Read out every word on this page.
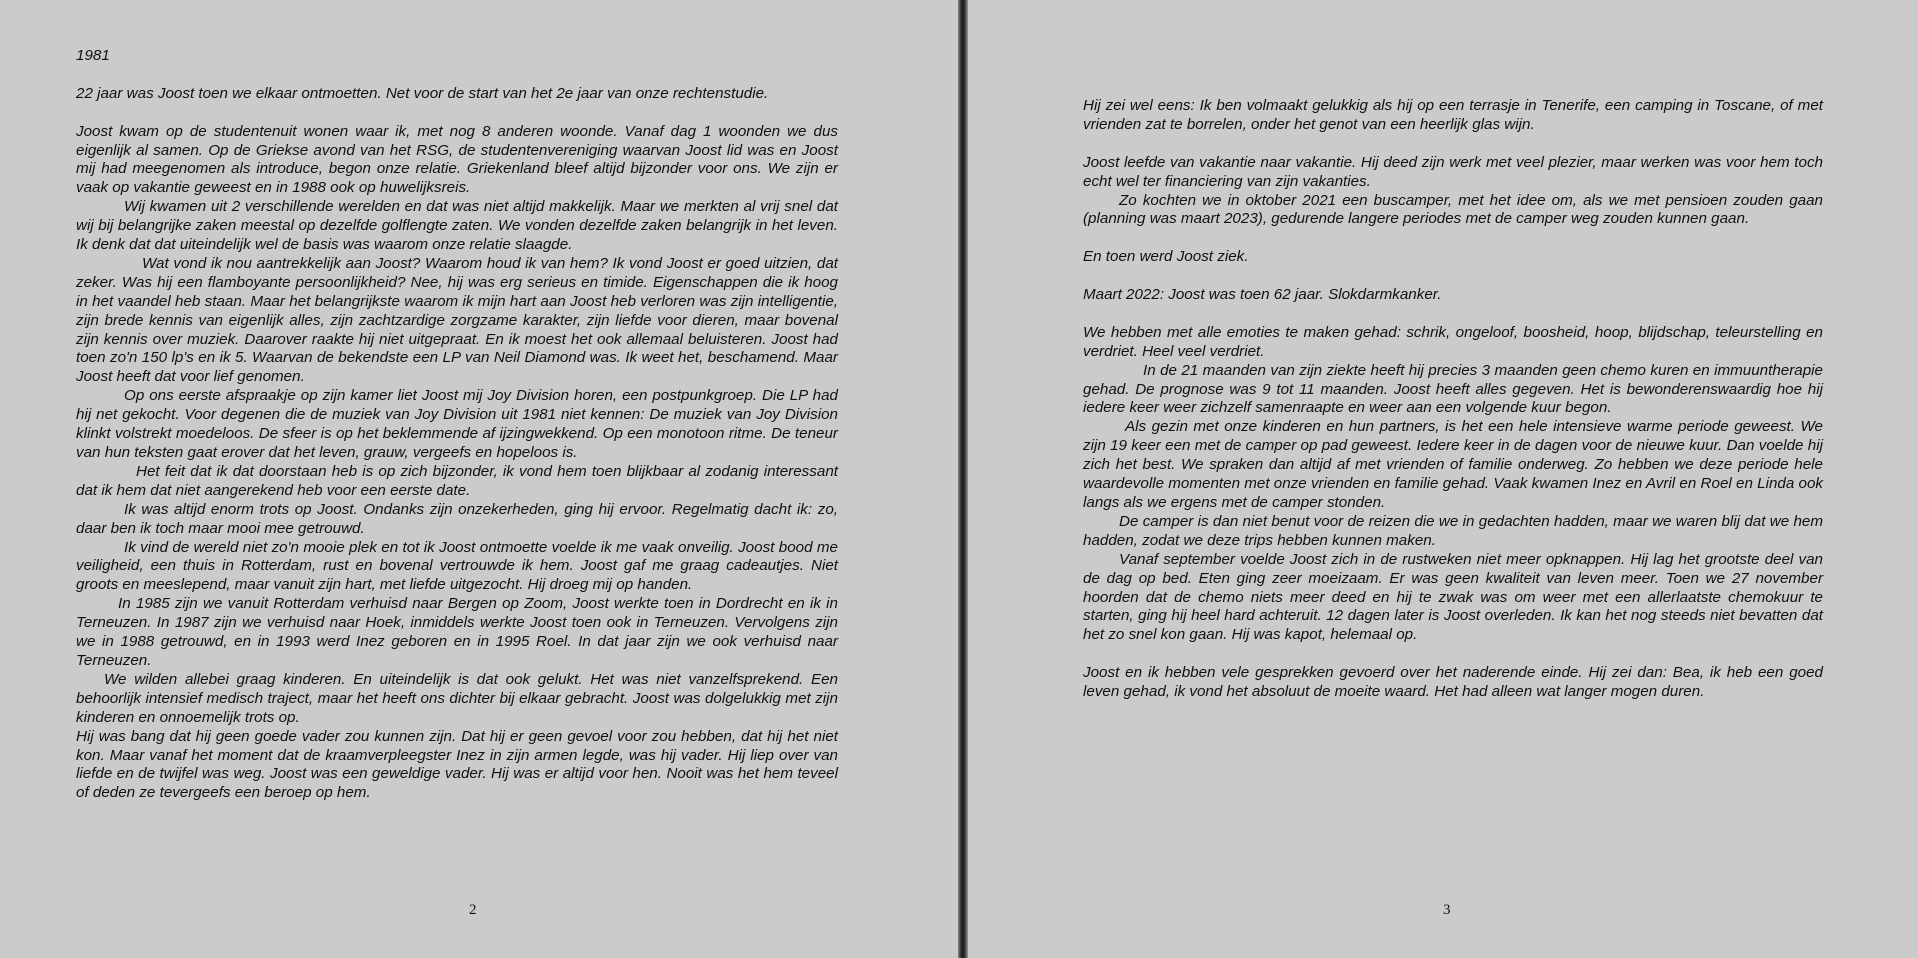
1981

22 jaar was Joost toen we elkaar ontmoetten. Net voor de start van het 2e jaar van onze rechtenstudie.

Joost kwam op de studentenuit wonen waar ik, met nog 8 anderen woonde. Vanaf dag 1 woonden we dus eigenlijk al samen. Op de Griekse avond van het RSG, de studentenvereniging waarvan Joost lid was en Joost mij had meegenomen als introduce, begon onze relatie. Griekenland bleef altijd bijzonder voor ons. We zijn er vaak op vakantie geweest en in 1988 ook op huwelijksreis.

Wij kwamen uit 2 verschillende werelden en dat was niet altijd makkelijk. Maar we merkten al vrij snel dat wij bij belangrijke zaken meestal op dezelfde golflengte zaten. We vonden dezelfde zaken belangrijk in het leven. Ik denk dat dat uiteindelijk wel de basis was waarom onze relatie slaagde.

Wat vond ik nou aantrekkelijk aan Joost? Waarom houd ik van hem? Ik vond Joost er goed uitzien, dat zeker. Was hij een flamboyante persoonlijkheid? Nee, hij was erg serieus en timide. Eigenschappen die ik hoog in het vaandel heb staan. Maar het belangrijkste waarom ik mijn hart aan Joost heb verloren was zijn intelligentie, zijn brede kennis van eigenlijk alles, zijn zachtzardige zorgzame karakter, zijn liefde voor dieren, maar bovenal zijn kennis over muziek. Daarover raakte hij niet uitgepraat. En ik moest het ook allemaal beluisteren. Joost had toen zo'n 150 lp's en ik 5. Waarvan de bekendste een LP van Neil Diamond was. Ik weet het, beschamend. Maar Joost heeft dat voor lief genomen.

Op ons eerste afspraakje op zijn kamer liet Joost mij Joy Division horen, een postpunkgroep. Die LP had hij net gekocht. Voor degenen die de muziek van Joy Division uit 1981 niet kennen: De muziek van Joy Division klinkt volstrekt moedeloos. De sfeer is op het beklemmende af ijzingwekkend. Op een monotoon ritme. De teneur van hun teksten gaat erover dat het leven, grauw, vergeefs en hopeloos is.

Het feit dat ik dat doorstaan heb is op zich bijzonder, ik vond hem toen blijkbaar al zodanig interessant dat ik hem dat niet aangerekend heb voor een eerste date.

Ik was altijd enorm trots op Joost. Ondanks zijn onzekerheden, ging hij ervoor. Regelmatig dacht ik: zo, daar ben ik toch maar mooi mee getrouwd.

Ik vind de wereld niet zo'n mooie plek en tot ik Joost ontmoette voelde ik me vaak onveilig. Joost bood me veiligheid, een thuis in Rotterdam, rust en bovenal vertrouwde ik hem. Joost gaf me graag cadeautjes. Niet groots en meeslepend, maar vanuit zijn hart, met liefde uitgezocht. Hij droeg mij op handen.

In 1985 zijn we vanuit Rotterdam verhuisd naar Bergen op Zoom, Joost werkte toen in Dordrecht en ik in Terneuzen. In 1987 zijn we verhuisd naar Hoek, inmiddels werkte Joost toen ook in Terneuzen. Vervolgens zijn we in 1988 getrouwd, en in 1993 werd Inez geboren en in 1995 Roel. In dat jaar zijn we ook verhuisd naar Terneuzen.

We wilden allebei graag kinderen. En uiteindelijk is dat ook gelukt. Het was niet vanzelfsprekend. Een behoorlijk intensief medisch traject, maar het heeft ons dichter bij elkaar gebracht. Joost was dolgelukkig met zijn kinderen en onnoemelijk trots op.

Hij was bang dat hij geen goede vader zou kunnen zijn. Dat hij er geen gevoel voor zou hebben, dat hij het niet kon. Maar vanaf het moment dat de kraamverpleegster Inez in zijn armen legde, was hij vader. Hij liep over van liefde en de twijfel was weg. Joost was een geweldige vader. Hij was er altijd voor hen. Nooit was het hem teveel of deden ze tevergeefs een beroep op hem.

2

Hij zei wel eens: Ik ben volmaakt gelukkig als hij op een terrasje in Tenerife, een camping in Toscane, of met vrienden zat te borrelen, onder het genot van een heerlijk glas wijn.

Joost leefde van vakantie naar vakantie. Hij deed zijn werk met veel plezier, maar werken was voor hem toch echt wel ter financiering van zijn vakanties.

Zo kochten we in oktober 2021 een buscamper, met het idee om, als we met pensioen zouden gaan (planning was maart 2023), gedurende langere periodes met de camper weg zouden kunnen gaan.

En toen werd Joost ziek.

Maart 2022: Joost was toen 62 jaar. Slokdarmkanker.

We hebben met alle emoties te maken gehad: schrik, ongeloof, boosheid, hoop, blijdschap, teleurstelling en verdriet. Heel veel verdriet.

In de 21 maanden van zijn ziekte heeft hij precies 3 maanden geen chemo kuren en immuuntherapie gehad. De prognose was 9 tot 11 maanden. Joost heeft alles gegeven. Het is bewonderenswaardig hoe hij iedere keer weer zichzelf samenraapte en weer aan een volgende kuur begon.

Als gezin met onze kinderen en hun partners, is het een hele intensieve warme periode geweest. We zijn 19 keer een met de camper op pad geweest. Iedere keer in de dagen voor de nieuwe kuur. Dan voelde hij zich het best. We spraken dan altijd af met vrienden of familie onderweg. Zo hebben we deze periode hele waardevolle momenten met onze vrienden en familie gehad. Vaak kwamen Inez en Avril en Roel en Linda ook langs als we ergens met de camper stonden.

De camper is dan niet benut voor de reizen die we in gedachten hadden, maar we waren blij dat we hem hadden, zodat we deze trips hebben kunnen maken.

Vanaf september voelde Joost zich in de rustweken niet meer opknappen. Hij lag het grootste deel van de dag op bed. Eten ging zeer moeizaam. Er was geen kwaliteit van leven meer. Toen we 27 november hoorden dat de chemo niets meer deed en hij te zwak was om weer met een allerlaatste chemokuur te starten, ging hij heel hard achteruit. 12 dagen later is Joost overleden. Ik kan het nog steeds niet bevatten dat het zo snel kon gaan. Hij was kapot, helemaal op.

Joost en ik hebben vele gesprekken gevoerd over het naderende einde. Hij zei dan: Bea, ik heb een goed leven gehad, ik vond het absoluut de moeite waard. Het had alleen wat langer mogen duren.

3
